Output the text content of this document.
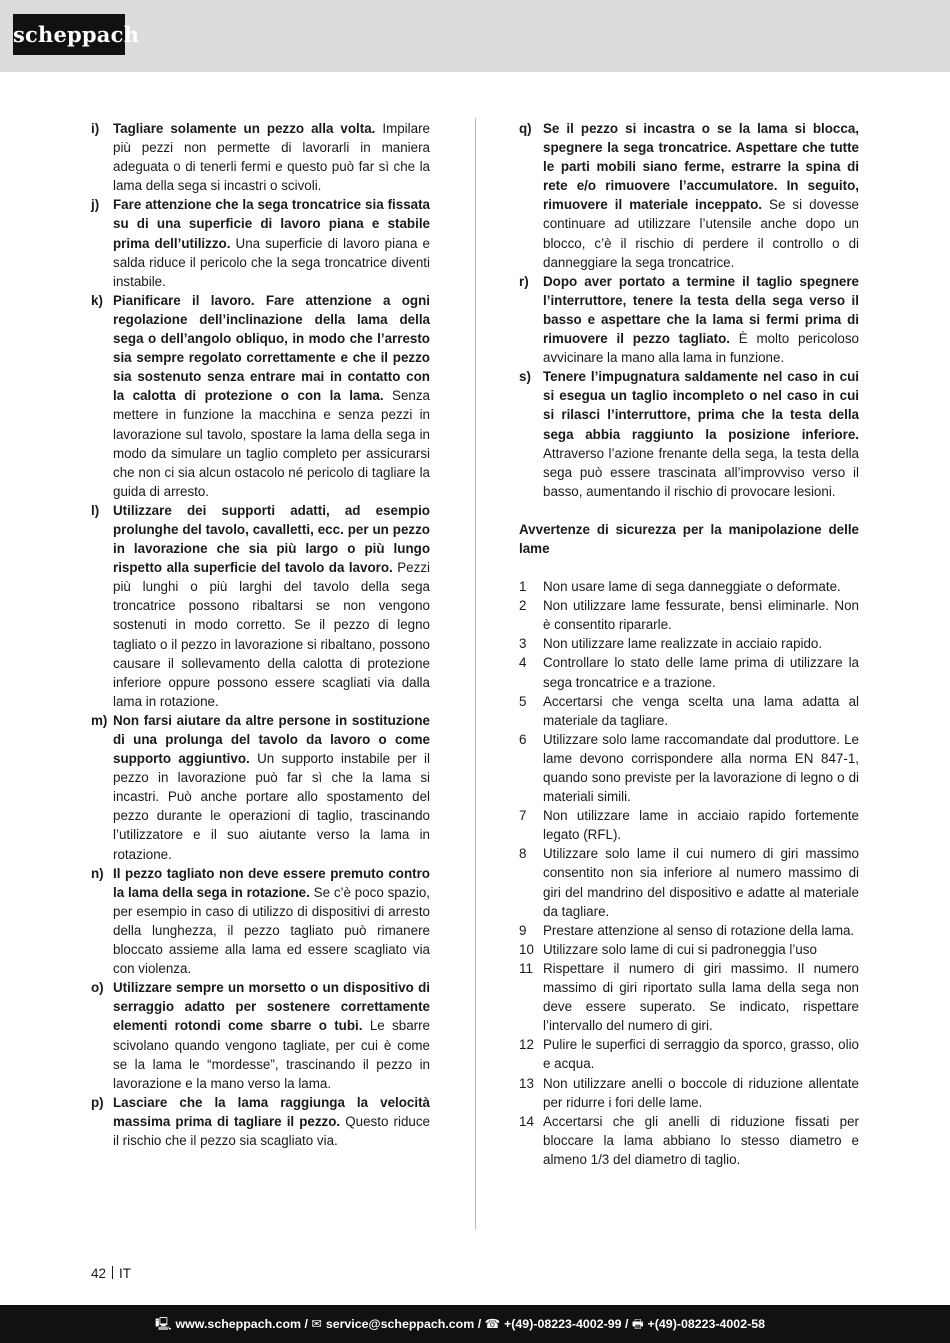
scheppach
i)	Tagliare solamente un pezzo alla volta. Impilare più pezzi non permette di lavorarli in maniera adeguata o di tenerli fermi e questo può far sì che la lama della sega si incastri o scivoli.
j)	Fare attenzione che la sega troncatrice sia fissata su di una superficie di lavoro piana e stabile prima dell’utilizzo. Una superficie di lavoro piana e salda riduce il pericolo che la sega troncatrice diventi instabile.
k) Pianificare il lavoro. Fare attenzione a ogni regolazione dell’inclinazione della lama della sega o dell’angolo obliquo, in modo che l’arresto sia sempre regolato correttamente e che il pezzo sia sostenuto senza entrare mai in contatto con la calotta di protezione o con la lama. Senza mettere in funzione la macchina e senza pezzi in lavorazione sul tavolo, spostare la lama della sega in modo da simulare un taglio completo per assicurarsi che non ci sia alcun ostacolo né pericolo di tagliare la guida di arresto.
l)	Utilizzare dei supporti adatti, ad esempio prolunghe del tavolo, cavalletti, ecc. per un pezzo in lavorazione che sia più largo o più lungo rispetto alla superficie del tavolo da lavoro. Pezzi più lunghi o più larghi del tavolo della sega troncatrice possono ribaltarsi se non vengono sostenuti in modo corretto. Se il pezzo di legno tagliato o il pezzo in lavorazione si ribaltano, possono causare il sollevamento della calotta di protezione inferiore oppure possono essere scagliati via dalla lama in rotazione.
m) Non farsi aiutare da altre persone in sostituzione di una prolunga del tavolo da lavoro o come supporto aggiuntivo. Un supporto instabile per il pezzo in lavorazione può far sì che la lama si incastri. Può anche portare allo spostamento del pezzo durante le operazioni di taglio, trascinando l’utilizzatore e il suo aiutante verso la lama in rotazione.
n) Il pezzo tagliato non deve essere premuto contro la lama della sega in rotazione. Se c’è poco spazio, per esempio in caso di utilizzo di dispositivi di arresto della lunghezza, il pezzo tagliato può rimanere bloccato assieme alla lama ed essere scagliato via con violenza.
o) Utilizzare sempre un morsetto o un dispositivo di serraggio adatto per sostenere correttamente elementi rotondi come sbarre o tubi. Le sbarre scivolano quando vengono tagliate, per cui è come se la lama le “mordesse”, trascinando il pezzo in lavorazione e la mano verso la lama.
p) Lasciare che la lama raggiunga la velocità massima prima di tagliare il pezzo. Questo riduce il rischio che il pezzo sia scagliato via.
q) Se il pezzo si incastra o se la lama si blocca, spegnere la sega troncatrice. Aspettare che tutte le parti mobili siano ferme, estrarre la spina di rete e/o rimuovere l’accumulatore. In seguito, rimuovere il materiale inceppato. Se si dovesse continuare ad utilizzare l’utensile anche dopo un blocco, c’è il rischio di perdere il controllo o di danneggiare la sega troncatrice.
r)	Dopo aver portato a termine il taglio spegnere l’interruttore, tenere la testa della sega verso il basso e aspettare che la lama si fermi prima di rimuovere il pezzo tagliato. È molto pericoloso avvicinare la mano alla lama in funzione.
s) Tenere l’impugnatura saldamente nel caso in cui si esegua un taglio incompleto o nel caso in cui si rilasci l’interruttore, prima che la testa della sega abbia raggiunto la posizione inferiore. Attraverso l’azione frenante della sega, la testa della sega può essere trascinata all’improvviso verso il basso, aumentando il rischio di provocare lesioni.
Avvertenze di sicurezza per la manipolazione delle lame
1	Non usare lame di sega danneggiate o deformate.
2	Non utilizzare lame fessurate, bensì eliminarle. Non è consentito ripararle.
3	Non utilizzare lame realizzate in acciaio rapido.
4	Controllare lo stato delle lame prima di utilizzare la sega troncatrice e a trazione.
5	Accertarsi che venga scelta una lama adatta al materiale da tagliare.
6	Utilizzare solo lame raccomandate dal produttore. Le lame devono corrispondere alla norma EN 847-1, quando sono previste per la lavorazione di legno o di materiali simili.
7	Non utilizzare lame in acciaio rapido fortemente legato (RFL).
8	Utilizzare solo lame il cui numero di giri massimo consentito non sia inferiore al numero massimo di giri del mandrino del dispositivo e adatte al materiale da tagliare.
9	Prestare attenzione al senso di rotazione della lama.
10 Utilizzare solo lame di cui si padroneggia l’uso
11 Rispettare il numero di giri massimo. Il numero massimo di giri riportato sulla lama della sega non deve essere superato. Se indicato, rispettare l’intervallo del numero di giri.
12 Pulire le superfici di serraggio da sporco, grasso, olio e acqua.
13 Non utilizzare anelli o boccole di riduzione allentate per ridurre i fori delle lame.
14 Accertarsi che gli anelli di riduzione fissati per bloccare la lama abbiano lo stesso diametro e almeno 1/3 del diametro di taglio.
42 IT
🖳 www.scheppach.com / ✉ service@scheppach.com / ☎ +(49)-08223-4002-99 / 🖶 +(49)-08223-4002-58
